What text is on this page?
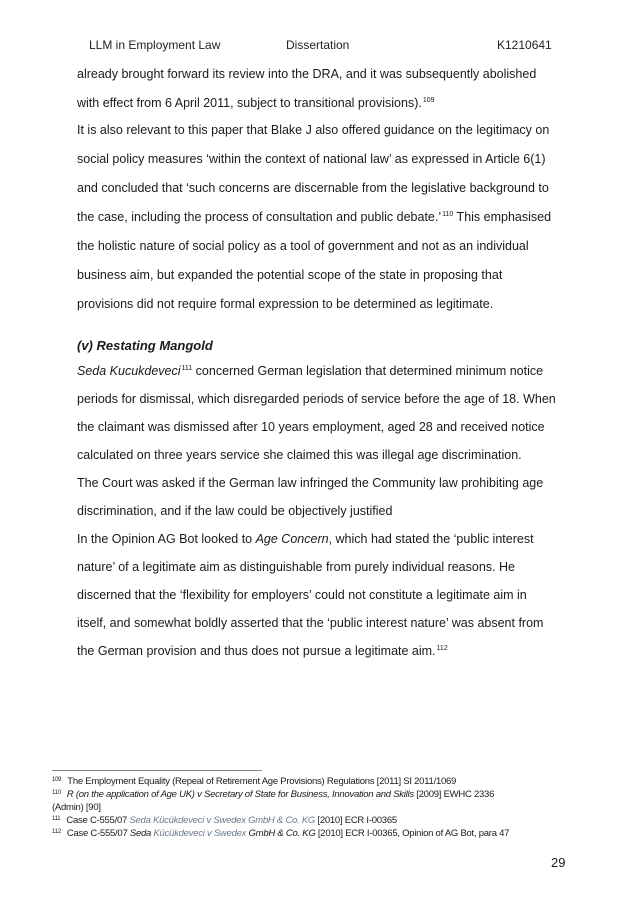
LLM in Employment Law	Dissertation	K1210641
already brought forward its review into the DRA, and it was subsequently abolished
with effect from 6 April 2011, subject to transitional provisions).$^{109}$
It is also relevant to this paper that Blake J also offered guidance on the legitimacy on
social policy measures ‘within the context of national law’ as expressed in Article 6(1)
and concluded that ‘such concerns are discernable from the legislative background to
the case, including the process of consultation and public debate.’$^{110}$ This emphasised
the holistic nature of social policy as a tool of government and not as an individual
business aim, but expanded the potential scope of the state in proposing that
provisions did not require formal expression to be determined as legitimate.
(v) Restating Mangold
Seda Kucukdeveci$^{111}$ concerned German legislation that determined minimum notice
periods for dismissal, which disregarded periods of service before the age of 18. When
the claimant was dismissed after 10 years employment, aged 28 and received notice
calculated on three years service she claimed this was illegal age discrimination.
The Court was asked if the German law infringed the Community law prohibiting age
discrimination, and if the law could be objectively justified
In the Opinion AG Bot looked to Age Concern, which had stated the ‘public interest
nature’ of a legitimate aim as distinguishable from purely individual reasons. He
discerned that the ‘flexibility for employers’ could not constitute a legitimate aim in
itself, and somewhat boldly asserted that the ‘public interest nature’ was absent from
the German provision and thus does not pursue a legitimate aim.$^{112}$
$^{109}$ The Employment Equality (Repeal of Retirement Age Provisions) Regulations [2011] SI 2011/1069
$^{110}$ R (on the application of Age UK) v Secretary of State for Business, Innovation and Skills [2009] EWHC 2336
(Admin) [90]
$^{111}$ Case C-555/07 Seda Kücükdeveci v Swedex GmbH & Co. KG [2010] ECR I-00365
$^{112}$ Case C-555/07 Seda Kücükdeveci v Swedex GmbH & Co. KG [2010] ECR I-00365, Opinion of AG Bot, para 47
29
